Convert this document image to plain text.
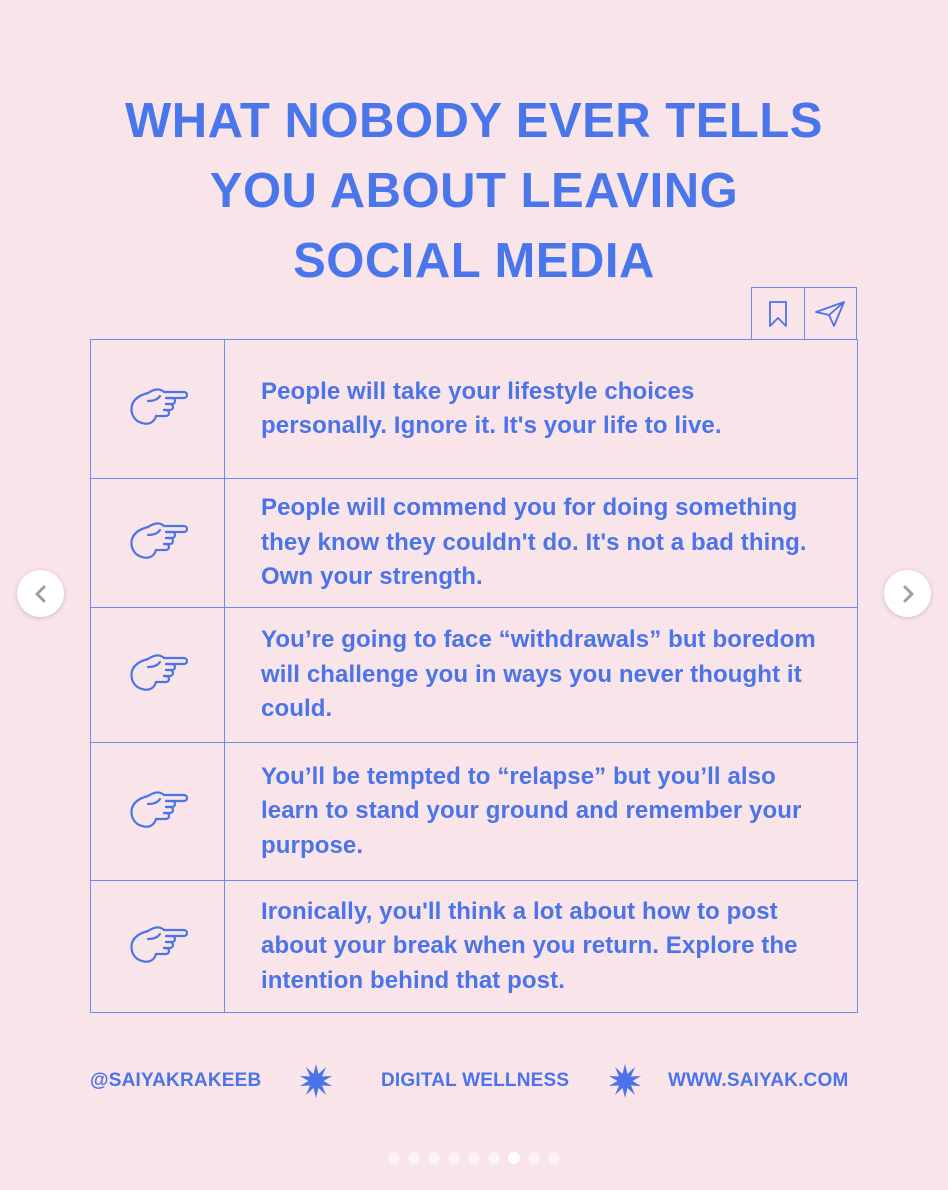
WHAT NOBODY EVER TELLS
YOU ABOUT LEAVING
SOCIAL MEDIA
People will take your lifestyle choices personally. Ignore it. It's your life to live.
People will commend you for doing something they know they couldn't do. It's not a bad thing. Own your strength.
You’re going to face “withdrawals” but boredom will challenge you in ways you never thought it could.
You’ll be tempted to “relapse” but you’ll also learn to stand your ground and remember your purpose.
Ironically, you'll think a lot about how to post about your break when you return. Explore the intention behind that post.
@SAIYAKRAKEEB	DIGITAL WELLNESS	WWW.SAIYAK.COM
